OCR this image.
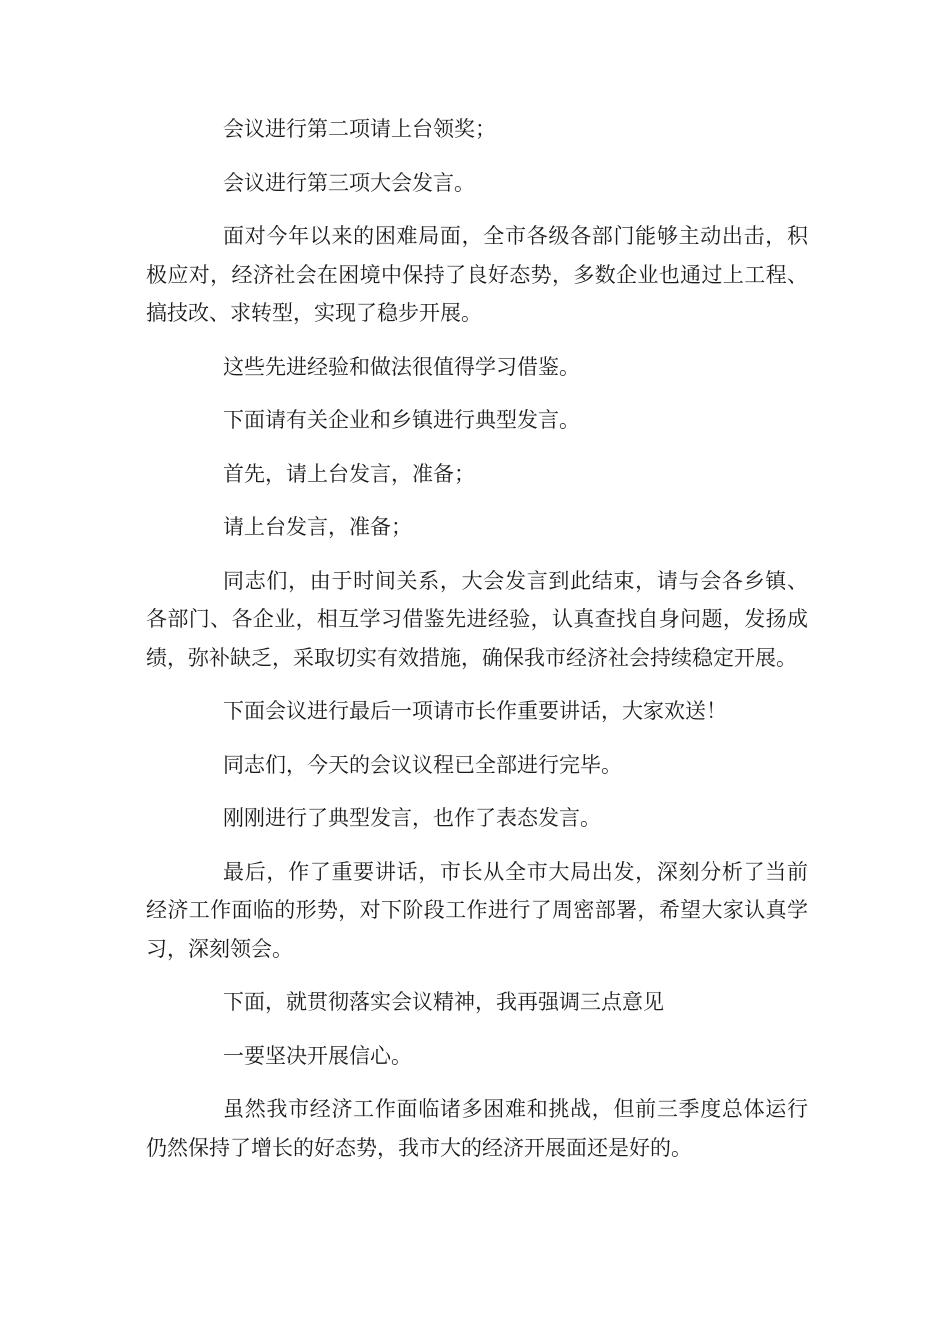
会议进行第二项请上台领奖；

会议进行第三项大会发言。

面对今年以来的困难局面，全市各级各部门能够主动出击，积极应对，经济社会在困境中保持了良好态势，多数企业也通过上工程、搞技改、求转型，实现了稳步开展。

这些先进经验和做法很值得学习借鉴。

下面请有关企业和乡镇进行典型发言。

首先，请上台发言，准备；

请上台发言，准备；

同志们，由于时间关系，大会发言到此结束，请与会各乡镇、各部门、各企业，相互学习借鉴先进经验，认真查找自身问题，发扬成绩，弥补缺乏，采取切实有效措施，确保我市经济社会持续稳定开展。

下面会议进行最后一项请市长作重要讲话，大家欢送！

同志们，今天的会议议程已全部进行完毕。

刚刚进行了典型发言，也作了表态发言。

最后，作了重要讲话，市长从全市大局出发，深刻分析了当前经济工作面临的形势，对下阶段工作进行了周密部署，希望大家认真学习，深刻领会。

下面，就贯彻落实会议精神，我再强调三点意见

一要坚决开展信心。

虽然我市经济工作面临诸多困难和挑战，但前三季度总体运行仍然保持了增长的好态势，我市大的经济开展面还是好的。
